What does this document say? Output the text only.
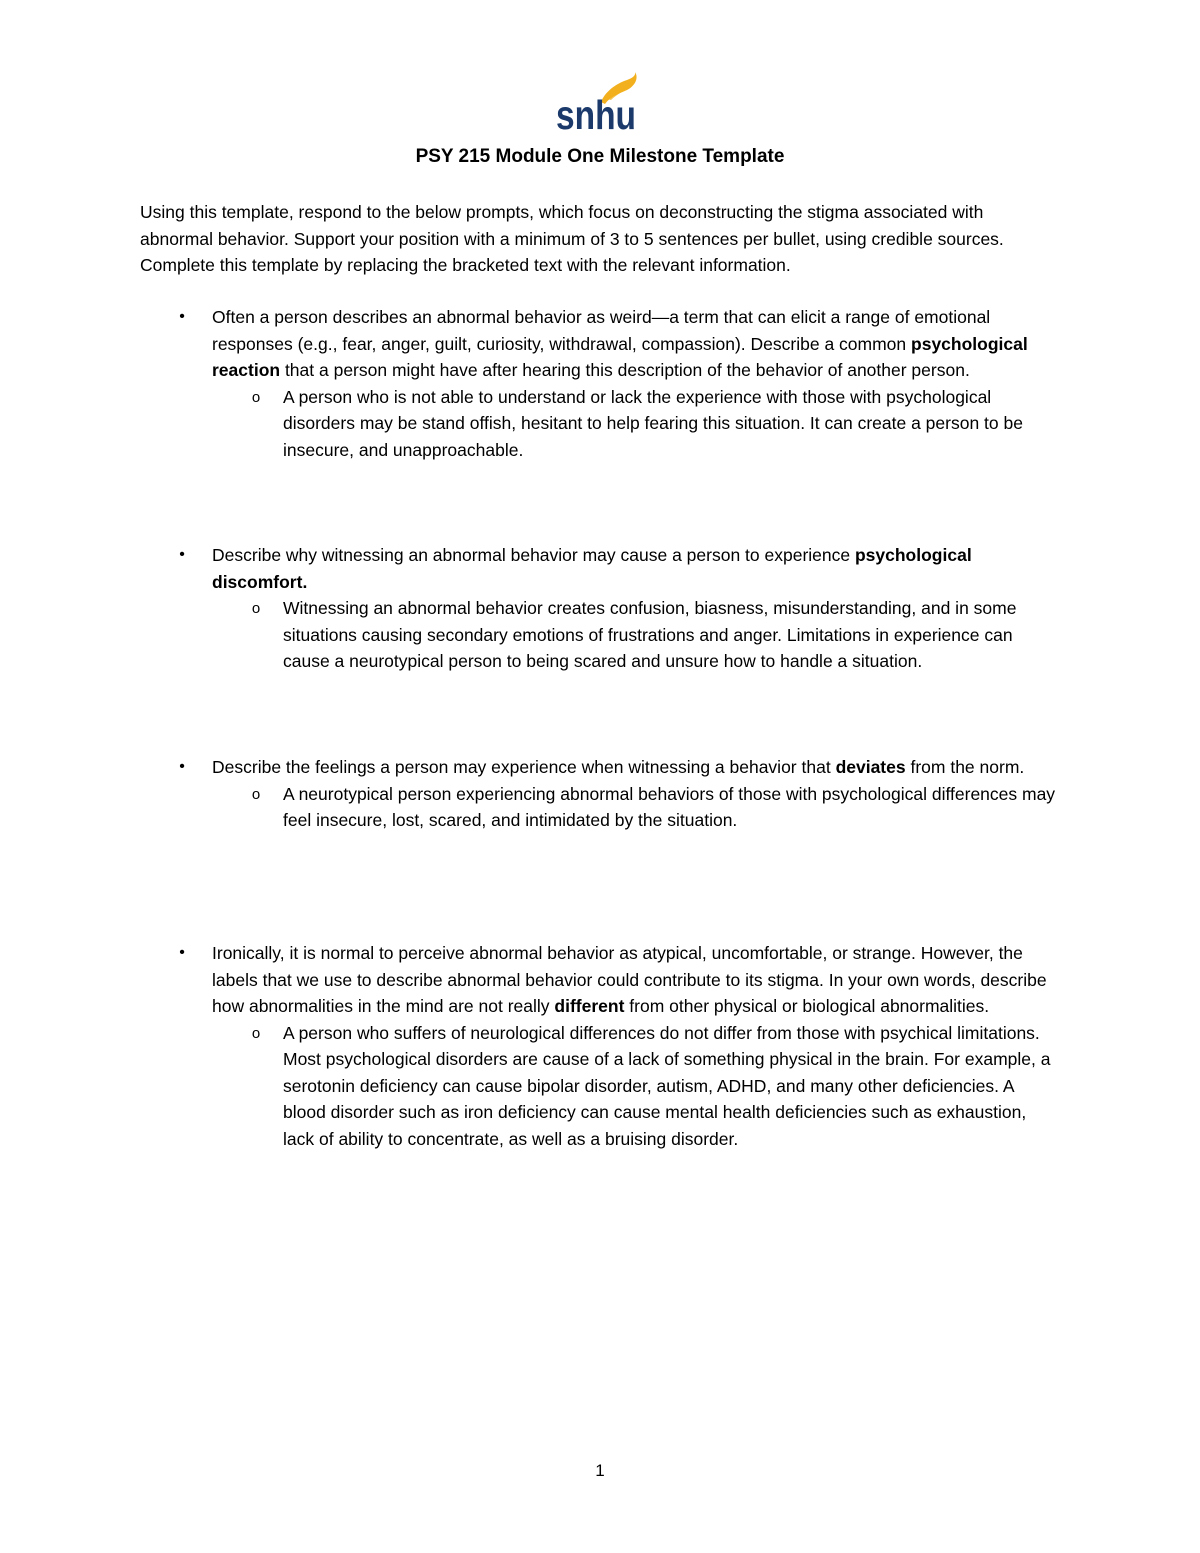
snhu
PSY 215 Module One Milestone Template

Using this template, respond to the below prompts, which focus on deconstructing the stigma associated with abnormal behavior. Support your position with a minimum of 3 to 5 sentences per bullet, using credible sources. Complete this template by replacing the bracketed text with the relevant information.

•	Often a person describes an abnormal behavior as weird—a term that can elicit a range of emotional responses (e.g., fear, anger, guilt, curiosity, withdrawal, compassion). Describe a common psychological reaction that a person might have after hearing this description of the behavior of another person.
o	A person who is not able to understand or lack the experience with those with psychological disorders may be stand offish, hesitant to help fearing this situation. It can create a person to be insecure, and unapproachable.
•	Describe why witnessing an abnormal behavior may cause a person to experience psychological discomfort.
o	Witnessing an abnormal behavior creates confusion, biasness, misunderstanding, and in some situations causing secondary emotions of frustrations and anger. Limitations in experience can cause a neurotypical person to being scared and unsure how to handle a situation.
•	Describe the feelings a person may experience when witnessing a behavior that deviates from the norm.
o	A neurotypical person experiencing abnormal behaviors of those with psychological differences may feel insecure, lost, scared, and intimidated by the situation.
•	Ironically, it is normal to perceive abnormal behavior as atypical, uncomfortable, or strange. However, the labels that we use to describe abnormal behavior could contribute to its stigma. In your own words, describe how abnormalities in the mind are not really different from other physical or biological abnormalities.
o	A person who suffers of neurological differences do not differ from those with psychical limitations. Most psychological disorders are cause of a lack of something physical in the brain. For example, a serotonin deficiency can cause bipolar disorder, autism, ADHD, and many other deficiencies. A blood disorder such as iron deficiency can cause mental health deficiencies such as exhaustion, lack of ability to concentrate, as well as a bruising disorder.
1
